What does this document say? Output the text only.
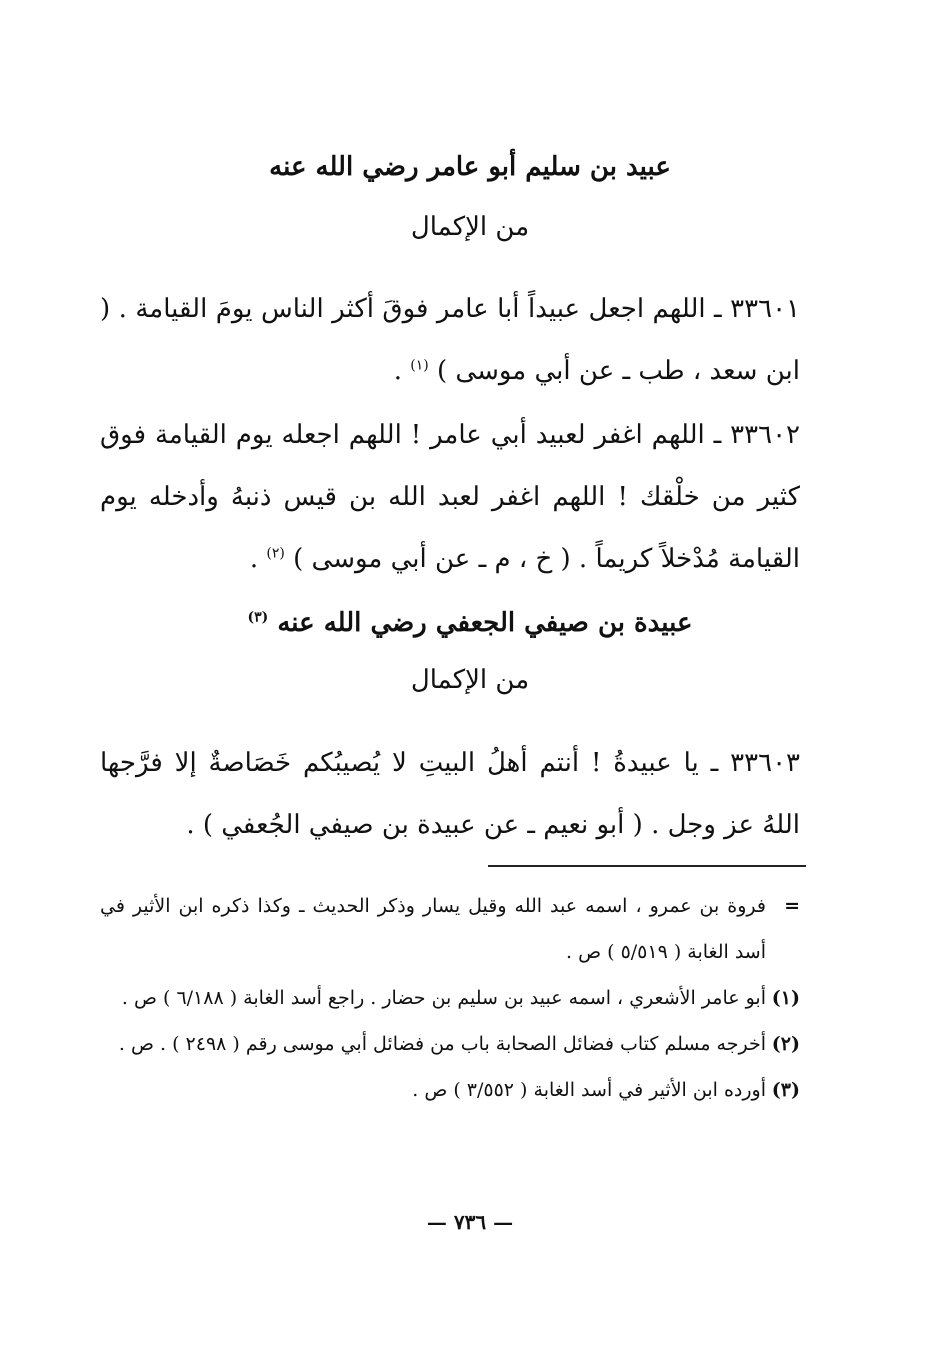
عبيد بن سليم أبو عامر رضي الله عنه
من الإكمال
٣٣٦٠١ ـ اللهم اجعل عبيداً أبا عامر فوقَ أكثر الناس يومَ القيامة . ( ابن سعد ، طب ـ عن أبي موسى ) $^{(١)}$ .
٣٣٦٠٢ ـ اللهم اغفر لعبيد أبي عامر ! اللهم اجعله يوم القيامة فوق كثير من خلْقك ! اللهم اغفر لعبد الله بن قيس ذنبهُ وأدخله يوم القيامة مُدْخلاً كريماً . ( خ ، م ـ عن أبي موسى ) $^{(٢)}$ .
عبيدة بن صيفي الجعفي رضي الله عنه $^{(٣)}$
من الإكمال
٣٣٦٠٣ ـ يا عبيدةُ ! أنتم أهلُ البيتِ لا يُصيبُكم خَصَاصةٌ إلا فرَّجها اللهُ عز وجل . ( أبو نعيم ـ عن عبيدة بن صيفي الجُعفي ) .
=
فروة بن عمرو ، اسمه عبد الله وقيل يسار وذكر الحديث ـ وكذا ذكره ابن الأثير في أسد الغابة ( ٥/٥١٩ ) ص .
(١)
أبو عامر الأشعري ، اسمه عبيد بن سليم بن حضار . راجع أسد الغابة ( ٦/١٨٨ ) ص .
(٢)
أخرجه مسلم كتاب فضائل الصحابة باب من فضائل أبي موسى رقم ( ٢٤٩٨ ) . ص .
(٣)
أورده ابن الأثير في أسد الغابة ( ٣/٥٥٢ ) ص .
— ٧٣٦ —
